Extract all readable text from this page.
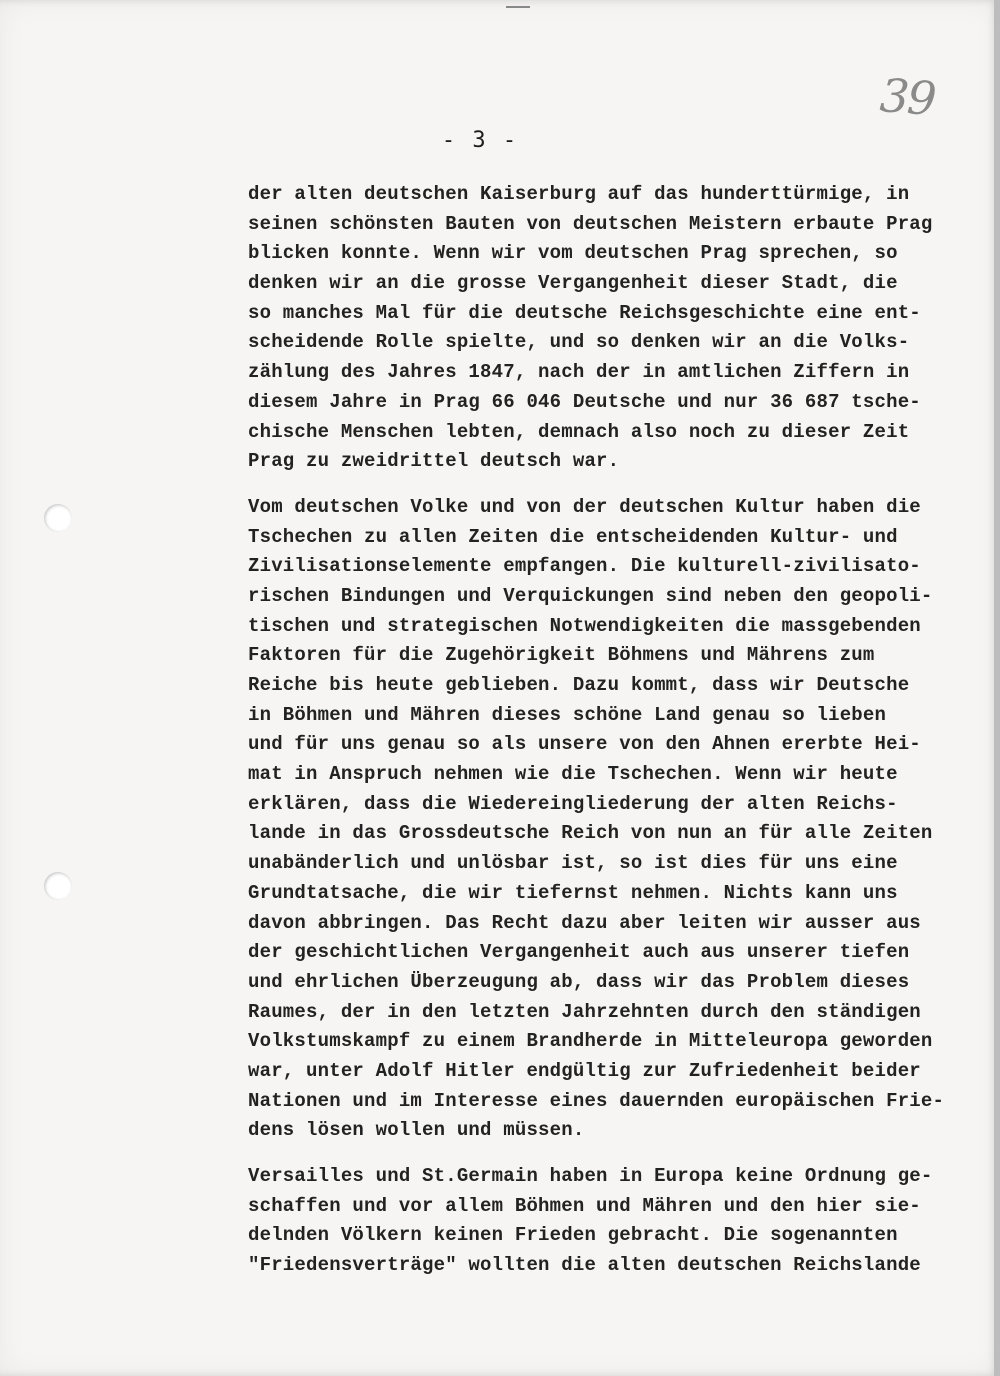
39
- 3 -
der alten deutschen Kaiserburg auf das hunderttürmige, in
seinen schönsten Bauten von deutschen Meistern erbaute Prag
blicken konnte. Wenn wir vom deutschen Prag sprechen, so
denken wir an die grosse Vergangenheit dieser Stadt, die
so manches Mal für die deutsche Reichsgeschichte eine ent-
scheidende Rolle spielte, und so denken wir an die Volks-
zählung des Jahres 1847, nach der in amtlichen Ziffern in
diesem Jahre in Prag 66 046 Deutsche und nur 36 687 tsche-
chische Menschen lebten, demnach also noch zu dieser Zeit
Prag zu zweidrittel deutsch war.
Vom deutschen Volke und von der deutschen Kultur haben die
Tschechen zu allen Zeiten die entscheidenden Kultur- und
Zivilisationselemente empfangen. Die kulturell-zivilisato-
rischen Bindungen und Verquickungen sind neben den geopoli-
tischen und strategischen Notwendigkeiten die massgebenden
Faktoren für die Zugehörigkeit Böhmens und Mährens zum
Reiche bis heute geblieben. Dazu kommt, dass wir Deutsche
in Böhmen und Mähren dieses schöne Land genau so lieben
und für uns genau so als unsere von den Ahnen ererbte Hei-
mat in Anspruch nehmen wie die Tschechen. Wenn wir heute
erklären, dass die Wiedereingliederung der alten Reichs-
lande in das Grossdeutsche Reich von nun an für alle Zeiten
unabänderlich und unlösbar ist, so ist dies für uns eine
Grundtatsache, die wir tiefernst nehmen. Nichts kann uns
davon abbringen. Das Recht dazu aber leiten wir ausser aus
der geschichtlichen Vergangenheit auch aus unserer tiefen
und ehrlichen Überzeugung ab, dass wir das Problem dieses
Raumes, der in den letzten Jahrzehnten durch den ständigen
Volkstumskampf zu einem Brandherde in Mitteleuropa geworden
war, unter Adolf Hitler endgültig zur Zufriedenheit beider
Nationen und im Interesse eines dauernden europäischen Frie-
dens lösen wollen und müssen.
Versailles und St.Germain haben in Europa keine Ordnung ge-
schaffen und vor allem Böhmen und Mähren und den hier sie-
delnden Völkern keinen Frieden gebracht. Die sogenannten
"Friedensverträge" wollten die alten deutschen Reichslande
